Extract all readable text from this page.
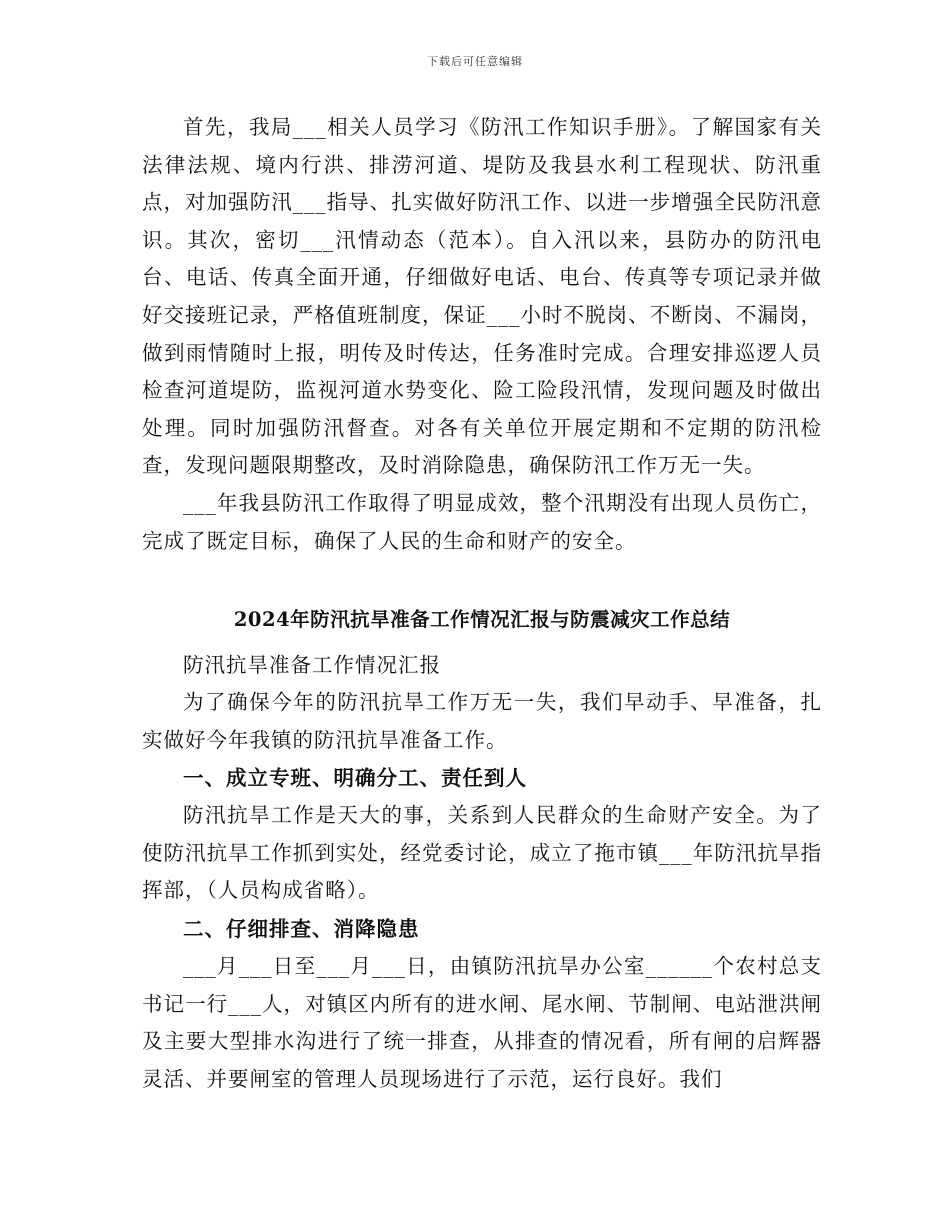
下载后可任意编辑

首先，我局___相关人员学习《防汛工作知识手册》。了解国家有关法律法规、境内行洪、排涝河道、堤防及我县水利工程现状、防汛重点，对加强防汛___指导、扎实做好防汛工作、以进一步增强全民防汛意识。其次，密切___汛情动态（范本）。自入汛以来，县防办的防汛电台、电话、传真全面开通，仔细做好电话、电台、传真等专项记录并做好交接班记录，严格值班制度，保证___小时不脱岗、不断岗、不漏岗，做到雨情随时上报，明传及时传达，任务准时完成。合理安排巡逻人员检查河道堤防，监视河道水势变化、险工险段汛情，发现问题及时做出处理。同时加强防汛督查。对各有关单位开展定期和不定期的防汛检查，发现问题限期整改，及时消除隐患，确保防汛工作万无一失。

___年我县防汛工作取得了明显成效，整个汛期没有出现人员伤亡，完成了既定目标，确保了人民的生命和财产的安全。

2024年防汛抗旱准备工作情况汇报与防震减灾工作总结

防汛抗旱准备工作情况汇报

为了确保今年的防汛抗旱工作万无一失，我们早动手、早准备，扎实做好今年我镇的防汛抗旱准备工作。

一、成立专班、明确分工、责任到人

防汛抗旱工作是天大的事，关系到人民群众的生命财产安全。为了使防汛抗旱工作抓到实处，经党委讨论，成立了拖市镇___年防汛抗旱指挥部，（人员构成省略）。

二、仔细排查、消降隐患

___月___日至___月___日，由镇防汛抗旱办公室______个农村总支书记一行___人，对镇区内所有的进水闸、尾水闸、节制闸、电站泄洪闸及主要大型排水沟进行了统一排查，从排查的情况看，所有闸的启辉器灵活、并要闸室的管理人员现场进行了示范，运行良好。我们
